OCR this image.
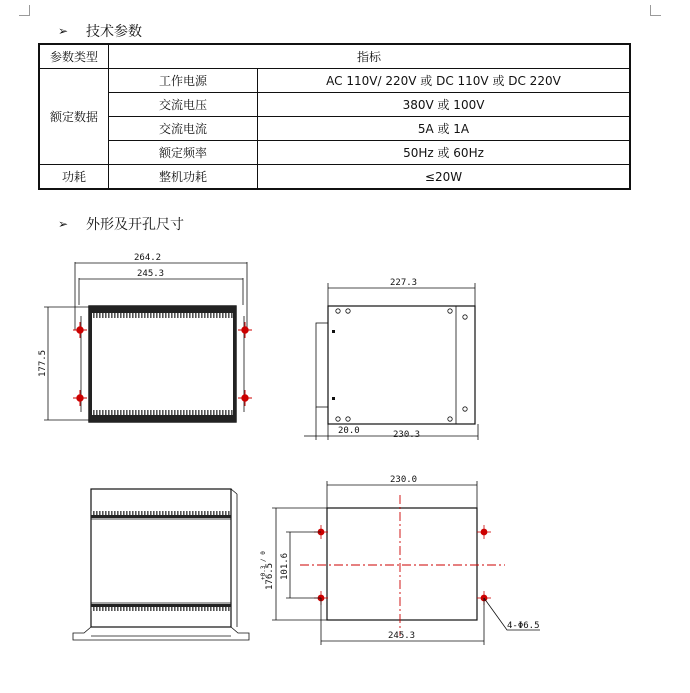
➢	技术参数
参数类型	指标	
额定数据	工作电源	AC 110V/ 220V 或 DC 110V 或 DC 220V
	交流电压	380V 或 100V
	交流电流	5A 或 1A
	额定频率	50Hz 或 60Hz
功耗	整机功耗	≤20W
➢	外形及开孔尺寸
264.2
245.3
177.5
227.3
20.0	230.3
230.0
176.5
+0.3 / 0 101.6
245.3
4-Φ6.5
